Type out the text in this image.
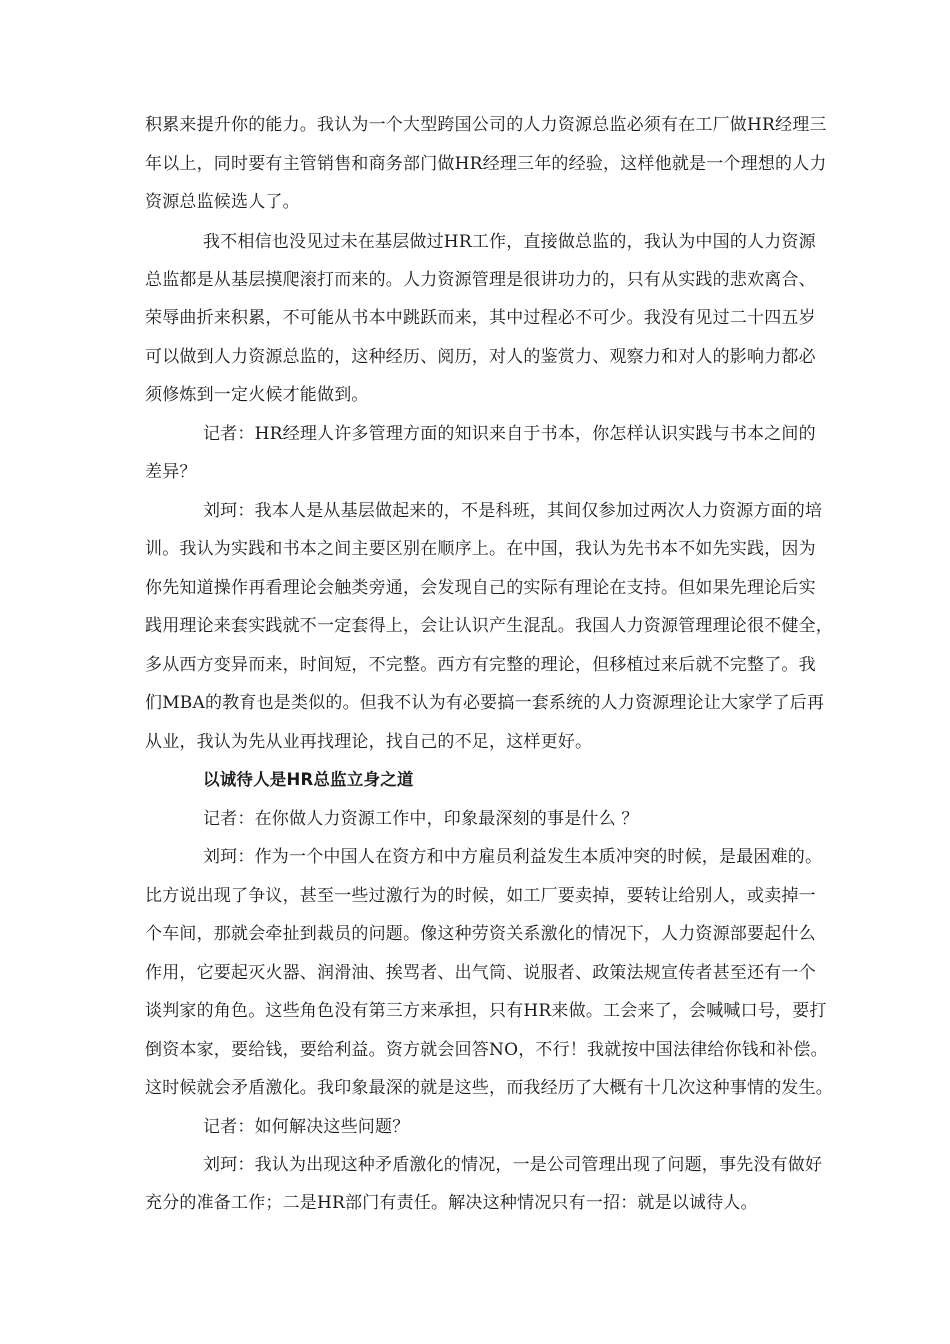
积累来提升你的能力。我认为一个大型跨国公司的人力资源总监必须有在工厂做HR经理三
年以上，同时要有主管销售和商务部门做HR经理三年的经验，这样他就是一个理想的人力
资源总监候选人了。
我不相信也没见过未在基层做过HR工作，直接做总监的，我认为中国的人力资源
总监都是从基层摸爬滚打而来的。人力资源管理是很讲功力的，只有从实践的悲欢离合、
荣辱曲折来积累，不可能从书本中跳跃而来，其中过程必不可少。我没有见过二十四五岁
可以做到人力资源总监的，这种经历、阅历，对人的鉴赏力、观察力和对人的影响力都必
须修炼到一定火候才能做到。
记者：HR经理人许多管理方面的知识来自于书本，你怎样认识实践与书本之间的
差异？
刘珂：我本人是从基层做起来的，不是科班，其间仅参加过两次人力资源方面的培
训。我认为实践和书本之间主要区别在顺序上。在中国，我认为先书本不如先实践，因为
你先知道操作再看理论会触类旁通，会发现自己的实际有理论在支持。但如果先理论后实
践用理论来套实践就不一定套得上，会让认识产生混乱。我国人力资源管理理论很不健全，
多从西方变异而来，时间短，不完整。西方有完整的理论，但移植过来后就不完整了。我
们MBA的教育也是类似的。但我不认为有必要搞一套系统的人力资源理论让大家学了后再
从业，我认为先从业再找理论，找自己的不足，这样更好。
以诚待人是HR总监立身之道
记者：在你做人力资源工作中，印象最深刻的事是什么 ？
刘珂：作为一个中国人在资方和中方雇员利益发生本质冲突的时候，是最困难的。
比方说出现了争议，甚至一些过激行为的时候，如工厂要卖掉，要转让给别人，或卖掉一
个车间，那就会牵扯到裁员的问题。像这种劳资关系激化的情况下，人力资源部要起什么
作用，它要起灭火器、润滑油、挨骂者、出气筒、说服者、政策法规宣传者甚至还有一个
谈判家的角色。这些角色没有第三方来承担，只有HR来做。工会来了，会喊喊口号，要打
倒资本家，要给钱，要给利益。资方就会回答NO，不行！我就按中国法律给你钱和补偿。
这时候就会矛盾激化。我印象最深的就是这些，而我经历了大概有十几次这种事情的发生。
记者：如何解决这些问题？
刘珂：我认为出现这种矛盾激化的情况，一是公司管理出现了问题，事先没有做好
充分的准备工作；二是HR部门有责任。解决这种情况只有一招：就是以诚待人。
